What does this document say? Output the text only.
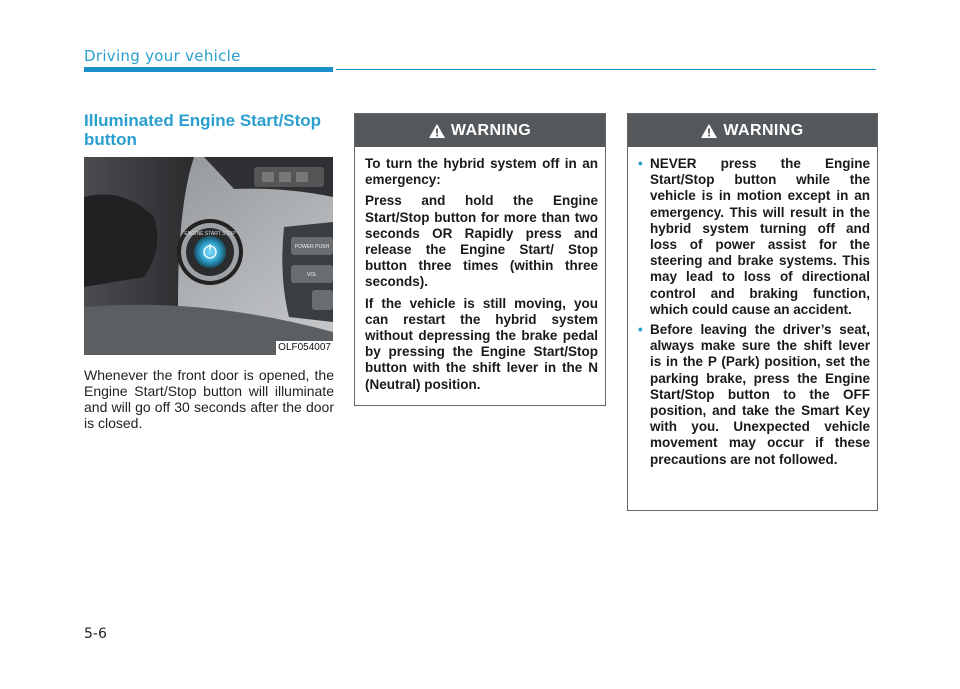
Driving your vehicle
Illuminated Engine Start/Stop button
ENGINE START STOP
POWER PUSH
VOL
OLF054007
Whenever the front door is opened, the Engine Start/Stop button will illuminate and will go off 30 seconds after the door is closed.
WARNING

To turn the hybrid system off in an emergency:

Press and hold the Engine Start/Stop button for more than two seconds OR Rapidly press and release the Engine Start/ Stop button three times (within three seconds).

If the vehicle is still moving, you can restart the hybrid system without depressing the brake pedal by pressing the Engine Start/Stop button with the shift lever in the N (Neutral) position.

WARNING
• NEVER press the Engine Start/Stop button while the vehicle is in motion except in an emergency. This will result in the hybrid system turning off and loss of power assist for the steering and brake systems. This may lead to loss of directional control and braking function, which could cause an accident.
• Before leaving the driver’s seat, always make sure the shift lever is in the P (Park) position, set the parking brake, press the Engine Start/Stop button to the OFF position, and take the Smart Key with you. Unexpected vehicle movement may occur if these precautions are not followed.
5-6
